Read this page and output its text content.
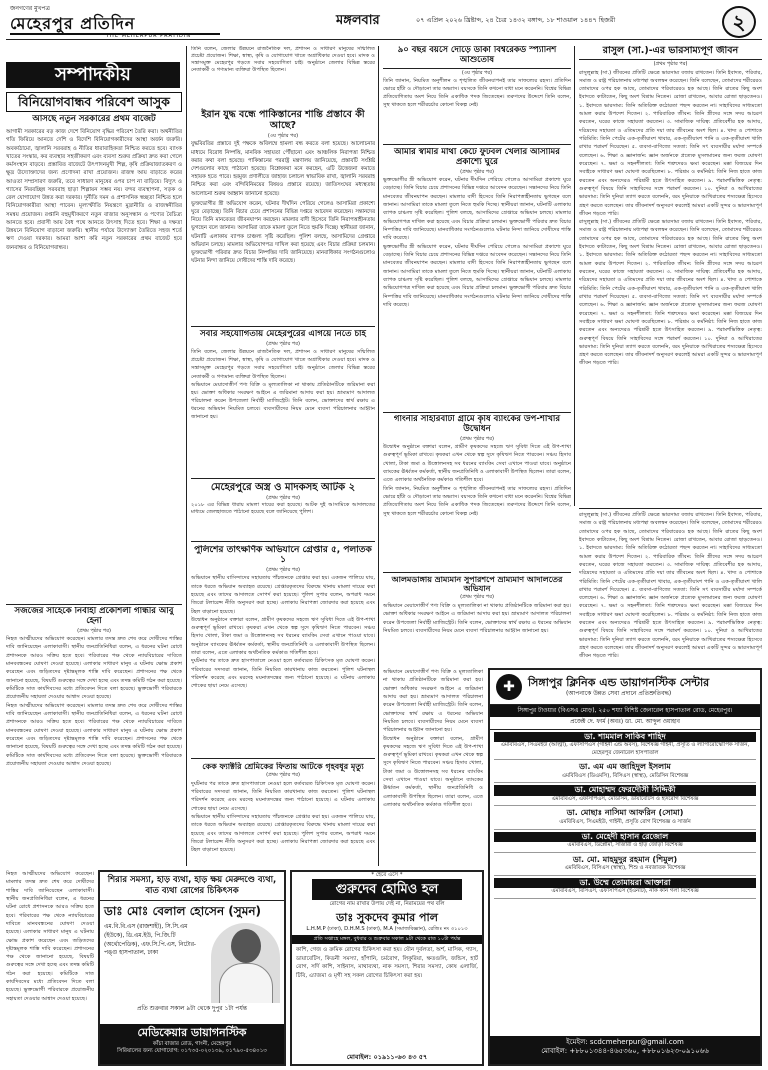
জনগণের মুখপত্র
মেহেরপুর প্রতিদিন
THE MEHERPUR PRATIDIN
মঙ্গলবার	০৭ এপ্রিল ২০২৬ খ্রিষ্টাব্দ, ২৪ চৈত্র ১৪৩২ বঙ্গাব্দ, ১৮ শাওয়াল ১৪৪৭ হিজরী	২
সম্পাদকীয়
বিনিয়োগবান্ধব পরিবেশ আসুক
আসছে নতুন সরকারের প্রথম বাজেট
আগামী সরকারের বড় কাজ দেশে বিনিয়োগ বৃদ্ধির পরিবেশ তৈরি করা। অর্থনীতির গতি ফিরিয়ে আনতে দেশি ও বিদেশি বিনিয়োগকারীদের আস্থা অর্জন জরুরি। অবকাঠামো, জ্বালানি সরবরাহ ও নীতির ধারাবাহিকতা নিশ্চিত করতে হবে। ব্যাংক খাতের সংস্কার, কর ব্যবস্থার সহজীকরণ এবং ব্যবসা শুরুর প্রক্রিয়া দ্রুত করা গেলে কর্মসংস্থান বাড়বে। প্রস্তাবিত বাজেটে উৎপাদনমুখী শিল্প, কৃষি প্রক্রিয়াজাতকরণ ও ক্ষুদ্র উদ্যোক্তাদের জন্য প্রণোদনা রাখা প্রয়োজন। রাজস্ব আয় বাড়াতে করের আওতা সম্প্রসারণ জরুরি, তবে সাধারণ মানুষের ওপর চাপ না বাড়িয়ে। বিদ্যুৎ ও গ্যাসের নিরবচ্ছিন্ন সরবরাহ ছাড়া শিল্পায়ন সম্ভব নয়। বন্দর ব্যবস্থাপনা, সড়ক ও রেল যোগাযোগ উন্নত করা দরকার। দুর্নীতি দমন ও প্রশাসনিক স্বচ্ছতা নিশ্চিত হলে বিনিয়োগকারীরা আস্থা পাবেন। মূল্যস্ফীতি নিয়ন্ত্রণে মুদ্রানীতি ও রাজস্বনীতির সমন্বয় প্রয়োজন। রপ্তানি বহুমুখীকরণে নতুন বাজার অনুসন্ধান ও পণ্যের বৈচিত্র্য আনতে হবে। প্রবাসী আয় বৈধ পথে আনতে উৎসাহ দিতে হবে। শিক্ষা ও দক্ষতা উন্নয়নে বিনিয়োগ বাড়ানো জরুরি। স্থানীয় পর্যায়ে উদ্যোক্তা তৈরিতে সহজ শর্তে ঋণ দেওয়া দরকার। আমরা আশা করি নতুন সরকারের প্রথম বাজেট হবে জনবান্ধব ও বিনিয়োগবান্ধব।
তিনি বলেন, জেলার উন্নয়নে রাজনৈতিক দল, প্রশাসন ও সাধারণ মানুষের সম্মিলিত প্রচেষ্টা প্রয়োজন। শিক্ষা, স্বাস্থ্য, কৃষি ও যোগাযোগ খাতে অগ্রাধিকার দেওয়া হবে। মাদক ও সন্ত্রাসমুক্ত মেহেরপুর গড়তে সবার সহযোগিতা চাই। অনুষ্ঠানে জেলার বিভিন্ন স্তরের নেতাকর্মী ও গণ্যমান্য ব্যক্তিরা উপস্থিত ছিলেন।
ইরান যুদ্ধ বন্ধে পাকিস্তানের শান্তি প্রস্তাবে কী আছে?
(৩য় পৃষ্ঠার পর)
যুদ্ধবিরতির প্রস্তাবে দুই পক্ষকে অবিলম্বে হামলা বন্ধ করতে বলা হয়েছে। আলোচনার মাধ্যমে বিরোধ নিষ্পত্তি, মানবিক সহায়তা পৌঁছানো এবং আঞ্চলিক নিরাপত্তা নিশ্চিত করার কথা বলা হয়েছে। পাকিস্তানের পররাষ্ট্র মন্ত্রণালয় জানিয়েছে, প্রস্তাবটি সংশ্লিষ্ট দেশগুলোর কাছে পাঠানো হয়েছে। বিশ্লেষকরা মনে করছেন, এটি উত্তেজনা কমাতে সহায়ক হতে পারে। হরমুজ প্রণালীতে জাহাজ চলাচল স্বাভাবিক রাখা, জ্বালানি সরবরাহ নিশ্চিত করা এবং বন্দিবিনিময়ের বিষয়ও প্রস্তাবে রয়েছে। জাতিসংঘের মধ্যস্থতায় আলোচনা শুরুর আহ্বান জানানো হয়েছে।
ভুক্তভোগীর স্ত্রী অভিযোগ করেন, ঘটনার দীর্ঘদিন পেরিয়ে গেলেও আসামিরা প্রকাশ্যে ঘুরে বেড়াচ্ছে। তিনি বিচার চেয়ে প্রশাসনের বিভিন্ন দপ্তরে আবেদন করেছেন। সন্তানদের নিয়ে তিনি মানবেতর জীবনযাপন করছেন। মামলার বাদী হিসেবে তিনি নিরাপত্তাহীনতায় ভুগছেন বলে জানান। আসামিরা তাকে মামলা তুলে নিতে হুমকি দিচ্ছে। স্থানীয়রা জানান, ঘটনাটি এলাকায় ব্যাপক চাঞ্চল্য সৃষ্টি করেছিল। পুলিশ বলছে, আসামিদের গ্রেপ্তারে অভিযান চলছে। মামলার অভিযোগপত্র দাখিল করা হয়েছে এবং বিচার প্রক্রিয়া চলমান। ভুক্তভোগী পরিবার দ্রুত বিচার নিষ্পত্তির দাবি জানিয়েছে। মানবাধিকার সংগঠনগুলোও ঘটনার নিন্দা জানিয়ে দোষীদের শাস্তি দাবি করেছে।
সবার সহযোগিতায় মেহেরপুরের এগিয়ে নিতে চাই
(প্রথম পৃষ্ঠার পর)
তিনি বলেন, জেলার উন্নয়নে রাজনৈতিক দল, প্রশাসন ও সাধারণ মানুষের সম্মিলিত প্রচেষ্টা প্রয়োজন। শিক্ষা, স্বাস্থ্য, কৃষি ও যোগাযোগ খাতে অগ্রাধিকার দেওয়া হবে। মাদক ও সন্ত্রাসমুক্ত মেহেরপুর গড়তে সবার সহযোগিতা চাই। অনুষ্ঠানে জেলার বিভিন্ন স্তরের নেতাকর্মী ও গণ্যমান্য ব্যক্তিরা উপস্থিত ছিলেন।
অভিযানে মেয়াদোত্তীর্ণ পণ্য বিক্রি ও মূল্যতালিকা না থাকায় প্রতিষ্ঠানটিকে জরিমানা করা হয়। ভোক্তা অধিকার সংরক্ষণ আইনে এ জরিমানা আদায় করা হয়। ভ্রাম্যমাণ আদালত পরিচালনা করেন উপজেলা নির্বাহী ম্যাজিস্ট্রেট। তিনি বলেন, ভোক্তাদের স্বার্থ রক্ষায় এ ধরনের অভিযান নিয়মিত চলবে। ব্যবসায়ীদের নিয়ম মেনে ব্যবসা পরিচালনার আহ্বান জানানো হয়।
মেহেরপুরে অস্ত্র ও মাদকসহ আটক ২
(প্রথম পৃষ্ঠার পর)
২০১৮ এর বিভিন্ন ধারায় মামলা দায়ের করা হয়েছে। আটক দুই আসামিকে আদালতের মাধ্যমে জেলহাজতে পাঠানো হয়েছে বলে জানিয়েছে পুলিশ।
পুলিশের তাৎক্ষণিক অভিযানে গ্রেপ্তার ৫, পলাতক ১
(প্রথম পৃষ্ঠার পর)
অভিযানে স্থানীয় বাসিন্দাদের সহায়তায় পাঁচজনকে গ্রেপ্তার করা হয়। একজন পালিয়ে যায়, তাকে ধরতে অভিযান অব্যাহত রয়েছে। গ্রেপ্তারকৃতদের বিরুদ্ধে থানায় মামলা দায়ের করা হয়েছে এবং তাদের আদালতে সোপর্দ করা হয়েছে। পুলিশ সুপার বলেন, অপরাধ দমনে জিরো টলারেন্স নীতি অনুসরণ করা হচ্ছে। এলাকায় নিরাপত্তা জোরদার করা হয়েছে এবং টহল বাড়ানো হয়েছে।
উদ্বোধন অনুষ্ঠানে বক্তারা বলেন, গ্রামীণ কৃষকদের সহজে ঋণ সুবিধা দিতে এই উপ-শাখা গুরুত্বপূর্ণ ভূমিকা রাখবে। কৃষকরা এখন থেকে স্বল্প সুদে কৃষিঋণ নিতে পারবেন। সঞ্চয় হিসাব খোলা, টাকা জমা ও উত্তোলনসহ সব ধরনের ব্যাংকিং সেবা এখানে পাওয়া যাবে। অনুষ্ঠানে ব্যাংকের ঊর্ধ্বতন কর্মকর্তা, স্থানীয় জনপ্রতিনিধি ও এলাকাবাসী উপস্থিত ছিলেন। তারা বলেন, এতে এলাকার অর্থনৈতিক কর্মকাণ্ড গতিশীল হবে।
দুর্ঘটনার পর তাকে দ্রুত হাসপাতালে নেওয়া হলে কর্তব্যরত চিকিৎসক মৃত ঘোষণা করেন। পরিবারের সদস্যরা জানান, তিনি নিয়মিত কারখানায় কাজ করতেন। পুলিশ ঘটনাস্থল পরিদর্শন করেছে এবং মরদেহ ময়নাতদন্তের জন্য পাঠানো হয়েছে। এ ঘটনায় এলাকায় শোকের ছায়া নেমে এসেছে।
কেক ফ্যাক্টরি শ্রেমিকের ফিতায় আটকে গৃহবধূর মৃত্যু
(প্রথম পৃষ্ঠার পর)
দুর্ঘটনার পর তাকে দ্রুত হাসপাতালে নেওয়া হলে কর্তব্যরত চিকিৎসক মৃত ঘোষণা করেন। পরিবারের সদস্যরা জানান, তিনি নিয়মিত কারখানায় কাজ করতেন। পুলিশ ঘটনাস্থল পরিদর্শন করেছে এবং মরদেহ ময়নাতদন্তের জন্য পাঠানো হয়েছে। এ ঘটনায় এলাকায় শোকের ছায়া নেমে এসেছে।
অভিযানে স্থানীয় বাসিন্দাদের সহায়তায় পাঁচজনকে গ্রেপ্তার করা হয়। একজন পালিয়ে যায়, তাকে ধরতে অভিযান অব্যাহত রয়েছে। গ্রেপ্তারকৃতদের বিরুদ্ধে থানায় মামলা দায়ের করা হয়েছে এবং তাদের আদালতে সোপর্দ করা হয়েছে। পুলিশ সুপার বলেন, অপরাধ দমনে জিরো টলারেন্স নীতি অনুসরণ করা হচ্ছে। এলাকায় নিরাপত্তা জোরদার করা হয়েছে এবং টহল বাড়ানো হয়েছে।
সজজের সাহেকে নির্বাহী প্রকৌশলী গান্ধীর আবু হেনা
(প্রথম পৃষ্ঠার পর)
নিহত আত্মীয়দের অভিযোগ করেছেন। মামলার তদন্ত দ্রুত শেষ করে দোষীদের শাস্তির দাবি জানিয়েছেন এলাকাবাসী। স্থানীয় জনপ্রতিনিধিরা বলেন, এ ধরনের ঘটনা রোধে প্রশাসনকে আরও সক্রিয় হতে হবে। পরিবারের পক্ষ থেকে ন্যায়বিচারের দাবিতে মানববন্ধনের ঘোষণা দেওয়া হয়েছে। এলাকার সাধারণ মানুষ এ ঘটনায় ক্ষোভ প্রকাশ করেছেন এবং জড়িতদের দৃষ্টান্তমূলক শাস্তি দাবি করেছেন। প্রশাসনের পক্ষ থেকে জানানো হয়েছে, বিষয়টি গুরুত্বের সঙ্গে দেখা হচ্ছে এবং তদন্ত কমিটি গঠন করা হয়েছে। কমিটিকে সাত কার্যদিবসের মধ্যে প্রতিবেদন দিতে বলা হয়েছে। ভুক্তভোগী পরিবারকে প্রয়োজনীয় সহায়তা দেওয়ার আশ্বাস দেওয়া হয়েছে।
নিহত আত্মীয়দের অভিযোগ করেছেন। মামলার তদন্ত দ্রুত শেষ করে দোষীদের শাস্তির দাবি জানিয়েছেন এলাকাবাসী। স্থানীয় জনপ্রতিনিধিরা বলেন, এ ধরনের ঘটনা রোধে প্রশাসনকে আরও সক্রিয় হতে হবে। পরিবারের পক্ষ থেকে ন্যায়বিচারের দাবিতে মানববন্ধনের ঘোষণা দেওয়া হয়েছে। এলাকার সাধারণ মানুষ এ ঘটনায় ক্ষোভ প্রকাশ করেছেন এবং জড়িতদের দৃষ্টান্তমূলক শাস্তি দাবি করেছেন। প্রশাসনের পক্ষ থেকে জানানো হয়েছে, বিষয়টি গুরুত্বের সঙ্গে দেখা হচ্ছে এবং তদন্ত কমিটি গঠন করা হয়েছে। কমিটিকে সাত কার্যদিবসের মধ্যে প্রতিবেদন দিতে বলা হয়েছে। ভুক্তভোগী পরিবারকে প্রয়োজনীয় সহায়তা দেওয়ার আশ্বাস দেওয়া হয়েছে।
৯০ বছর বয়সে দৌড়ে ডাকা বিশ্বরেকর্ড স্প্যানিশ আশুতোষ
(৩য় পৃষ্ঠার পর)
তিনি জানান, নিয়মিত অনুশীলন ও শৃঙ্খলিত জীবনযাপনই তার সাফল্যের রহস্য। প্রতিদিন ভোরে হাঁটা ও দৌড়ানো তার অভ্যাস। বয়সকে তিনি কখনো বাধা মনে করেননি। বিশ্বের বিভিন্ন প্রতিযোগিতায় অংশ নিয়ে তিনি একাধিক পদক জিতেছেন। তরুণদের উদ্দেশে তিনি বলেন, সুস্থ থাকতে হলে শরীরচর্চার কোনো বিকল্প নেই।
আমার স্বামীর মাথা কেটে ফুটবল খেলার আসামির প্রকাশ্যে ঘুরে
(প্রথম পৃষ্ঠার পর)
ভুক্তভোগীর স্ত্রী অভিযোগ করেন, ঘটনার দীর্ঘদিন পেরিয়ে গেলেও আসামিরা প্রকাশ্যে ঘুরে বেড়াচ্ছে। তিনি বিচার চেয়ে প্রশাসনের বিভিন্ন দপ্তরে আবেদন করেছেন। সন্তানদের নিয়ে তিনি মানবেতর জীবনযাপন করছেন। মামলার বাদী হিসেবে তিনি নিরাপত্তাহীনতায় ভুগছেন বলে জানান। আসামিরা তাকে মামলা তুলে নিতে হুমকি দিচ্ছে। স্থানীয়রা জানান, ঘটনাটি এলাকায় ব্যাপক চাঞ্চল্য সৃষ্টি করেছিল। পুলিশ বলছে, আসামিদের গ্রেপ্তারে অভিযান চলছে। মামলার অভিযোগপত্র দাখিল করা হয়েছে এবং বিচার প্রক্রিয়া চলমান। ভুক্তভোগী পরিবার দ্রুত বিচার নিষ্পত্তির দাবি জানিয়েছে। মানবাধিকার সংগঠনগুলোও ঘটনার নিন্দা জানিয়ে দোষীদের শাস্তি দাবি করেছে।
ভুক্তভোগীর স্ত্রী অভিযোগ করেন, ঘটনার দীর্ঘদিন পেরিয়ে গেলেও আসামিরা প্রকাশ্যে ঘুরে বেড়াচ্ছে। তিনি বিচার চেয়ে প্রশাসনের বিভিন্ন দপ্তরে আবেদন করেছেন। সন্তানদের নিয়ে তিনি মানবেতর জীবনযাপন করছেন। মামলার বাদী হিসেবে তিনি নিরাপত্তাহীনতায় ভুগছেন বলে জানান। আসামিরা তাকে মামলা তুলে নিতে হুমকি দিচ্ছে। স্থানীয়রা জানান, ঘটনাটি এলাকায় ব্যাপক চাঞ্চল্য সৃষ্টি করেছিল। পুলিশ বলছে, আসামিদের গ্রেপ্তারে অভিযান চলছে। মামলার অভিযোগপত্র দাখিল করা হয়েছে এবং বিচার প্রক্রিয়া চলমান। ভুক্তভোগী পরিবার দ্রুত বিচার নিষ্পত্তির দাবি জানিয়েছে। মানবাধিকার সংগঠনগুলোও ঘটনার নিন্দা জানিয়ে দোষীদের শাস্তি দাবি করেছে।
গাংনীর সাহারবাটী গ্রামে কৃষি ব্যাংকের উপ-শাখার উদ্বোধন
(প্রথম পৃষ্ঠার পর)
উদ্বোধন অনুষ্ঠানে বক্তারা বলেন, গ্রামীণ কৃষকদের সহজে ঋণ সুবিধা দিতে এই উপ-শাখা গুরুত্বপূর্ণ ভূমিকা রাখবে। কৃষকরা এখন থেকে স্বল্প সুদে কৃষিঋণ নিতে পারবেন। সঞ্চয় হিসাব খোলা, টাকা জমা ও উত্তোলনসহ সব ধরনের ব্যাংকিং সেবা এখানে পাওয়া যাবে। অনুষ্ঠানে ব্যাংকের ঊর্ধ্বতন কর্মকর্তা, স্থানীয় জনপ্রতিনিধি ও এলাকাবাসী উপস্থিত ছিলেন। তারা বলেন, এতে এলাকার অর্থনৈতিক কর্মকাণ্ড গতিশীল হবে।
তিনি জানান, নিয়মিত অনুশীলন ও শৃঙ্খলিত জীবনযাপনই তার সাফল্যের রহস্য। প্রতিদিন ভোরে হাঁটা ও দৌড়ানো তার অভ্যাস। বয়সকে তিনি কখনো বাধা মনে করেননি। বিশ্বের বিভিন্ন প্রতিযোগিতায় অংশ নিয়ে তিনি একাধিক পদক জিতেছেন। তরুণদের উদ্দেশে তিনি বলেন, সুস্থ থাকতে হলে শরীরচর্চার কোনো বিকল্প নেই।
আলমডাঙ্গায় ভ্রাম্যমান সুপারশপে ভ্রাম্যমাণ আদালতের অভিযান
(প্রথম পৃষ্ঠার পর)
অভিযানে মেয়াদোত্তীর্ণ পণ্য বিক্রি ও মূল্যতালিকা না থাকায় প্রতিষ্ঠানটিকে জরিমানা করা হয়। ভোক্তা অধিকার সংরক্ষণ আইনে এ জরিমানা আদায় করা হয়। ভ্রাম্যমাণ আদালত পরিচালনা করেন উপজেলা নির্বাহী ম্যাজিস্ট্রেট। তিনি বলেন, ভোক্তাদের স্বার্থ রক্ষায় এ ধরনের অভিযান নিয়মিত চলবে। ব্যবসায়ীদের নিয়ম মেনে ব্যবসা পরিচালনার আহ্বান জানানো হয়।
রাসুল (সা.)-এর ভারসাম্যপূর্ণ জীবন
(প্রথম পৃষ্ঠার পর)
রাসুলুল্লাহ (সা.) জীবনের প্রতিটি ক্ষেত্রে ভারসাম্য বজায় রাখতেন। তিনি ইবাদত, পরিবার, সমাজ ও রাষ্ট্র পরিচালনায় মধ্যপন্থা অবলম্বন করেছেন। তিনি বলেছেন, তোমাদের শরীরেরও তোমাদের ওপর হক আছে, তোমাদের পরিবারেরও হক আছে। তিনি রাতের কিছু অংশ ইবাদতে কাটাতেন, কিছু অংশ বিশ্রাম নিতেন। রোজা রাখতেন, আবার রোজা ছাড়তেনও। ১. ইবাদতে ভারসাম্য: তিনি অতিরিক্ত কঠোরতা পছন্দ করতেন না। সাহাবিদের সাধ্যমতো আমল করার উপদেশ দিতেন। ২. পারিবারিক জীবন: তিনি স্ত্রীদের সঙ্গে সদয় আচরণ করতেন, ঘরের কাজে সহায়তা করতেন। ৩. সামাজিক দায়িত্ব: প্রতিবেশীর হক আদায়, দরিদ্রদের সহায়তা ও এতিমদের প্রতি দয়া তার জীবনের অংশ ছিল। ৪. খাদ্য ও পোশাকে পরিমিতি: তিনি পেটের এক-তৃতীয়াংশ খাবার, এক-তৃতীয়াংশ পানি ও এক-তৃতীয়াংশ খালি রাখার পরামর্শ দিয়েছেন। ৫. ব্যবসা-বাণিজ্যে সততা: তিনি সৎ ব্যবসায়ীর মর্যাদা সম্পর্কে বলেছেন। ৬. শিক্ষা ও জ্ঞানার্জন: জ্ঞান অর্জনকে প্রত্যেক মুসলমানের জন্য ফরজ ঘোষণা করেছেন। ৭. ক্ষমা ও সহনশীলতা: তিনি শত্রুদেরও ক্ষমা করেছেন। মক্কা বিজয়ের দিন সবাইকে সাধারণ ক্ষমা ঘোষণা করেছিলেন। ৮. পরিশ্রম ও কর্মনিষ্ঠা: তিনি নিজ হাতে কাজ করতেন এবং অন্যদেরও পরিশ্রমী হতে উৎসাহিত করতেন। ৯. পরামর্শভিত্তিক নেতৃত্ব: গুরুত্বপূর্ণ বিষয়ে তিনি সাহাবিদের সঙ্গে পরামর্শ করতেন। ১০. দুনিয়া ও আখিরাতের ভারসাম্য: তিনি দুনিয়া ত্যাগ করতে বলেননি, বরং দুনিয়াকে আখিরাতের শস্যক্ষেত্র হিসেবে গ্রহণ করতে বলেছেন। তার জীবনাদর্শ অনুসরণ করলেই আমরা একটি সুন্দর ও ভারসাম্যপূর্ণ জীবন গড়তে পারি।
রাসুলুল্লাহ (সা.) জীবনের প্রতিটি ক্ষেত্রে ভারসাম্য বজায় রাখতেন। তিনি ইবাদত, পরিবার, সমাজ ও রাষ্ট্র পরিচালনায় মধ্যপন্থা অবলম্বন করেছেন। তিনি বলেছেন, তোমাদের শরীরেরও তোমাদের ওপর হক আছে, তোমাদের পরিবারেরও হক আছে। তিনি রাতের কিছু অংশ ইবাদতে কাটাতেন, কিছু অংশ বিশ্রাম নিতেন। রোজা রাখতেন, আবার রোজা ছাড়তেনও। ১. ইবাদতে ভারসাম্য: তিনি অতিরিক্ত কঠোরতা পছন্দ করতেন না। সাহাবিদের সাধ্যমতো আমল করার উপদেশ দিতেন। ২. পারিবারিক জীবন: তিনি স্ত্রীদের সঙ্গে সদয় আচরণ করতেন, ঘরের কাজে সহায়তা করতেন। ৩. সামাজিক দায়িত্ব: প্রতিবেশীর হক আদায়, দরিদ্রদের সহায়তা ও এতিমদের প্রতি দয়া তার জীবনের অংশ ছিল। ৪. খাদ্য ও পোশাকে পরিমিতি: তিনি পেটের এক-তৃতীয়াংশ খাবার, এক-তৃতীয়াংশ পানি ও এক-তৃতীয়াংশ খালি রাখার পরামর্শ দিয়েছেন। ৫. ব্যবসা-বাণিজ্যে সততা: তিনি সৎ ব্যবসায়ীর মর্যাদা সম্পর্কে বলেছেন। ৬. শিক্ষা ও জ্ঞানার্জন: জ্ঞান অর্জনকে প্রত্যেক মুসলমানের জন্য ফরজ ঘোষণা করেছেন। ৭. ক্ষমা ও সহনশীলতা: তিনি শত্রুদেরও ক্ষমা করেছেন। মক্কা বিজয়ের দিন সবাইকে সাধারণ ক্ষমা ঘোষণা করেছিলেন। ৮. পরিশ্রম ও কর্মনিষ্ঠা: তিনি নিজ হাতে কাজ করতেন এবং অন্যদেরও পরিশ্রমী হতে উৎসাহিত করতেন। ৯. পরামর্শভিত্তিক নেতৃত্ব: গুরুত্বপূর্ণ বিষয়ে তিনি সাহাবিদের সঙ্গে পরামর্শ করতেন। ১০. দুনিয়া ও আখিরাতের ভারসাম্য: তিনি দুনিয়া ত্যাগ করতে বলেননি, বরং দুনিয়াকে আখিরাতের শস্যক্ষেত্র হিসেবে গ্রহণ করতে বলেছেন। তার জীবনাদর্শ অনুসরণ করলেই আমরা একটি সুন্দর ও ভারসাম্যপূর্ণ জীবন গড়তে পারি।
✚	সিঙ্গাপুর ক্লিনিক এন্ড ডায়াগনস্টিক সেন্টার
(আপনাকে উন্নত সেবা প্রদানে প্রতিশ্রুতিবদ্ধ)
সিঙ্গাপুর টাওয়ার (বিএসএ মোড়), ২৫০ শয্যা বিশিষ্ট জেনারেল হাসপাতাল রোড, মেহেরপুর।
প্রজেক্ট দে. ফার্ম (অবঃ) ডা. মো. আব্দুল ওয়াহাব
ডা. শামমাল সাকিব শাহিদ
এমবিবিএস, সিএমইউ (আল্ট্রা), এফসিপিএস (গাইনী এন্ড অবস), বিশেষজ্ঞ গাইনী, প্রসূতি ও ল্যাপারোস্কোপিক সার্জন, মেহেরপুর জেনারেল হাসপাতাল
ডা. এম এম জাহিদুল ইসলাম
এমবিবিএস (ডিএমসি), বিসিএস (স্বাস্থ্য), মেডিসিন বিশেষজ্ঞ
ডা. মোহাম্মদ ফেরদৌসী সিদ্দিকী
এমবিবিএস, এফসিপিএস, মেডিসিন, ডায়াবেটিস ও হৃদরোগ বিশেষজ্ঞ
ডা. মোছাঃ নাসিমা আফরিন (সোমা)
এমবিবিএস, সিএমইউ, গাইনী, প্রসূতি রোগ বিশেষজ্ঞ ও সার্জন
ডা. মেহেদী হাসান রেজোল
এমবিবিএস, ডিপ্লোমা, সার্জারী ও হাড় জোড়া বিশেষজ্ঞ
ডা. মো. মাহমুদুর রহমান (শিমুল)
এমবিবিএস, বিসিএস (স্বাস্থ্য), শিশু ও নবজাতক বিশেষজ্ঞ
ডা. উম্মে তোমায়রা আক্তারা
এমবিবিএস, বিসিএস, এফসিপিএস (ইএনটি), নাক কান গলা বিশেষজ্ঞ
ইমেইল: scdcmeherpur@gmail.com
মোবাইল: +৮৮০১৩৪৪-৪৬৫৩৬০, +৮৮০১৬২৩-০৯১০৬৬
শিরার সমস্যা, হাড় ব্যথা, হাড় ক্ষয় মেরুদণ্ডে ব্যথা, বাত ব্যথা রোগের চিকিৎসক
ডাঃ মোঃ বেলাল হোসেন (সুমন)
এম.বি.বি.এস (রাজশাহী), সি.সি.এম (ইউকে), ডি.এম.ইউ, পি.জি.টি (অর্থোপেডিক), এফ.সি.পি.এস, নিটোর-পঙ্গু হাসপাতাল, ঢাকা
প্রতি শুক্রবার সকাল ৯টা থেকে দুপুর ১টা পর্যন্ত
মেডিকেয়ার ডায়াগনস্টিক
কাঁচা বাজার রোড, গাংনী, মেহেরপুর
সিরিয়ালের জন্য যোগাযোগ: ০১৭৩৫-০২০১৩৯, ০১৭৯০-৫৩৪০১৩
* হেরে এসে *
গুরুদেব হোমিও হল
রোগের নাম রাখার উপায় দেই না, নিরাময়ের পথ বলি
ডাঃ সুকদেব কুমার পাল
L.H.M.P (ঢাকা), D.H.M.S (ঢাকা), M.A (সমাজবিজ্ঞান), রেজিঃ নং ৩১০১৩
প্রতি সপ্তাহে মঙ্গল, বুধবার ও শুক্রবার সকাল ৯টা থেকে রাত ১০টা পর্যন্ত
কাশি, গেজ ও ক্রমিক রোগের চিকিৎসা করা হয়। যৌন দুর্বলতা, অর্শ, মাসিক, গ্যাস, ডায়াবেটিস, কিডনী সমস্যা, হাঁপানি, চর্মরোগ, লিকুরিয়া, ক্ষতগুলি, জন্ডিস, হার্ট রোগ, সর্দি কাশি, সাইনাস, মাথাব্যথা, নাক সমস্যা, শিরার সমস্যা, কোষ এলার্জি, টিবি, এ্যাজমা ও মৃগী সহ সকল রোগের চিকিৎসা করা হয়।
মোবাইল: ০১৯১১-৬৩ ৪৩ ৫৭
নিহত আত্মীয়দের অভিযোগ করেছেন। মামলার তদন্ত দ্রুত শেষ করে দোষীদের শাস্তির দাবি জানিয়েছেন এলাকাবাসী। স্থানীয় জনপ্রতিনিধিরা বলেন, এ ধরনের ঘটনা রোধে প্রশাসনকে আরও সক্রিয় হতে হবে। পরিবারের পক্ষ থেকে ন্যায়বিচারের দাবিতে মানববন্ধনের ঘোষণা দেওয়া হয়েছে। এলাকার সাধারণ মানুষ এ ঘটনায় ক্ষোভ প্রকাশ করেছেন এবং জড়িতদের দৃষ্টান্তমূলক শাস্তি দাবি করেছেন। প্রশাসনের পক্ষ থেকে জানানো হয়েছে, বিষয়টি গুরুত্বের সঙ্গে দেখা হচ্ছে এবং তদন্ত কমিটি গঠন করা হয়েছে। কমিটিকে সাত কার্যদিবসের মধ্যে প্রতিবেদন দিতে বলা হয়েছে। ভুক্তভোগী পরিবারকে প্রয়োজনীয় সহায়তা দেওয়ার আশ্বাস দেওয়া হয়েছে।
অভিযানে মেয়াদোত্তীর্ণ পণ্য বিক্রি ও মূল্যতালিকা না থাকায় প্রতিষ্ঠানটিকে জরিমানা করা হয়। ভোক্তা অধিকার সংরক্ষণ আইনে এ জরিমানা আদায় করা হয়। ভ্রাম্যমাণ আদালত পরিচালনা করেন উপজেলা নির্বাহী ম্যাজিস্ট্রেট। তিনি বলেন, ভোক্তাদের স্বার্থ রক্ষায় এ ধরনের অভিযান নিয়মিত চলবে। ব্যবসায়ীদের নিয়ম মেনে ব্যবসা পরিচালনার আহ্বান জানানো হয়।
উদ্বোধন অনুষ্ঠানে বক্তারা বলেন, গ্রামীণ কৃষকদের সহজে ঋণ সুবিধা দিতে এই উপ-শাখা গুরুত্বপূর্ণ ভূমিকা রাখবে। কৃষকরা এখন থেকে স্বল্প সুদে কৃষিঋণ নিতে পারবেন। সঞ্চয় হিসাব খোলা, টাকা জমা ও উত্তোলনসহ সব ধরনের ব্যাংকিং সেবা এখানে পাওয়া যাবে। অনুষ্ঠানে ব্যাংকের ঊর্ধ্বতন কর্মকর্তা, স্থানীয় জনপ্রতিনিধি ও এলাকাবাসী উপস্থিত ছিলেন। তারা বলেন, এতে এলাকার অর্থনৈতিক কর্মকাণ্ড গতিশীল হবে।
রাসুলুল্লাহ (সা.) জীবনের প্রতিটি ক্ষেত্রে ভারসাম্য বজায় রাখতেন। তিনি ইবাদত, পরিবার, সমাজ ও রাষ্ট্র পরিচালনায় মধ্যপন্থা অবলম্বন করেছেন। তিনি বলেছেন, তোমাদের শরীরেরও তোমাদের ওপর হক আছে, তোমাদের পরিবারেরও হক আছে। তিনি রাতের কিছু অংশ ইবাদতে কাটাতেন, কিছু অংশ বিশ্রাম নিতেন। রোজা রাখতেন, আবার রোজা ছাড়তেনও। ১. ইবাদতে ভারসাম্য: তিনি অতিরিক্ত কঠোরতা পছন্দ করতেন না। সাহাবিদের সাধ্যমতো আমল করার উপদেশ দিতেন। ২. পারিবারিক জীবন: তিনি স্ত্রীদের সঙ্গে সদয় আচরণ করতেন, ঘরের কাজে সহায়তা করতেন। ৩. সামাজিক দায়িত্ব: প্রতিবেশীর হক আদায়, দরিদ্রদের সহায়তা ও এতিমদের প্রতি দয়া তার জীবনের অংশ ছিল। ৪. খাদ্য ও পোশাকে পরিমিতি: তিনি পেটের এক-তৃতীয়াংশ খাবার, এক-তৃতীয়াংশ পানি ও এক-তৃতীয়াংশ খালি রাখার পরামর্শ দিয়েছেন। ৫. ব্যবসা-বাণিজ্যে সততা: তিনি সৎ ব্যবসায়ীর মর্যাদা সম্পর্কে বলেছেন। ৬. শিক্ষা ও জ্ঞানার্জন: জ্ঞান অর্জনকে প্রত্যেক মুসলমানের জন্য ফরজ ঘোষণা করেছেন। ৭. ক্ষমা ও সহনশীলতা: তিনি শত্রুদেরও ক্ষমা করেছেন। মক্কা বিজয়ের দিন সবাইকে সাধারণ ক্ষমা ঘোষণা করেছিলেন। ৮. পরিশ্রম ও কর্মনিষ্ঠা: তিনি নিজ হাতে কাজ করতেন এবং অন্যদেরও পরিশ্রমী হতে উৎসাহিত করতেন। ৯. পরামর্শভিত্তিক নেতৃত্ব: গুরুত্বপূর্ণ বিষয়ে তিনি সাহাবিদের সঙ্গে পরামর্শ করতেন। ১০. দুনিয়া ও আখিরাতের ভারসাম্য: তিনি দুনিয়া ত্যাগ করতে বলেননি, বরং দুনিয়াকে আখিরাতের শস্যক্ষেত্র হিসেবে গ্রহণ করতে বলেছেন। তার জীবনাদর্শ অনুসরণ করলেই আমরা একটি সুন্দর ও ভারসাম্যপূর্ণ জীবন গড়তে পারি।
